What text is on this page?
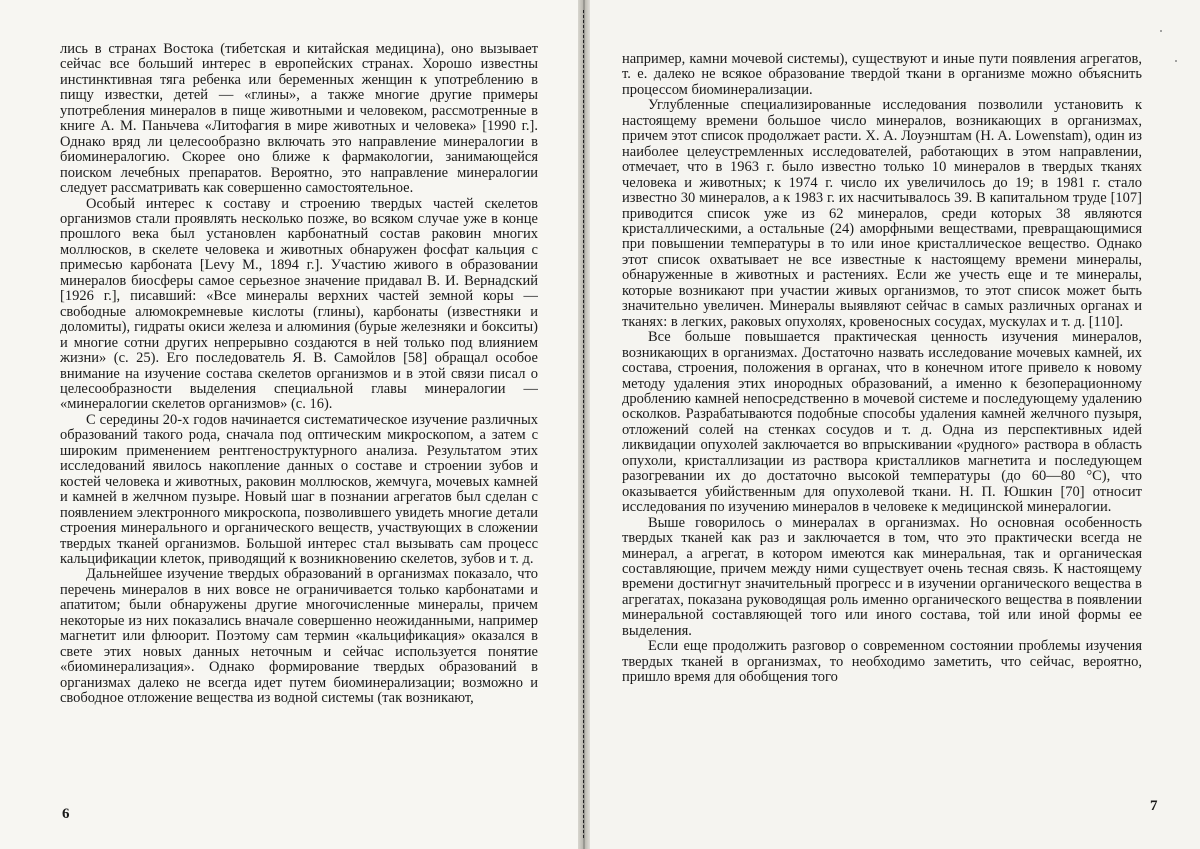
лись в странах Востока (тибетская и китайская медицина), оно вызывает сейчас все больший интерес в европейских странах. Хорошо известны инстинктивная тяга ребенка или беременных женщин к употреблению в пищу известки, детей — «глины», а также многие другие примеры употребления минералов в пище животными и человеком, рассмотренные в книге А. М. Паньчева «Литофагия в мире животных и человека» [1990 г.]. Однако вряд ли целесообразно включать это направление минералогии в биоминералогию. Скорее оно ближе к фармакологии, занимающейся поиском лечебных препаратов. Вероятно, это направление минералогии следует рассматривать как совершенно самостоятельное.

Особый интерес к составу и строению твердых частей скелетов организмов стали проявлять несколько позже, во всяком случае уже в конце прошлого века был установлен карбонатный состав раковин многих моллюсков, в скелете человека и животных обнаружен фосфат кальция с примесью карбоната [Levy M., 1894 г.]. Участию живого в образовании минералов биосферы самое серьезное значение придавал В. И. Вернадский [1926 г.], писавший: «Все минералы верхних частей земной коры — свободные алюмокремневые кислоты (глины), карбонаты (известняки и доломиты), гидраты окиси железа и алюминия (бурые железняки и бокситы) и многие сотни других непрерывно создаются в ней только под влиянием жизни» (с. 25). Его последователь Я. В. Самойлов [58] обращал особое внимание на изучение состава скелетов организмов и в этой связи писал о целесообразности выделения специальной главы минералогии — «минералогии скелетов организмов» (с. 16).

С середины 20-х годов начинается систематическое изучение различных образований такого рода, сначала под оптическим микроскопом, а затем с широким применением рентгеноструктурного анализа. Результатом этих исследований явилось накопление данных о составе и строении зубов и костей человека и животных, раковин моллюсков, жемчуга, мочевых камней и камней в желчном пузыре. Новый шаг в познании агрегатов был сделан с появлением электронного микроскопа, позволившего увидеть многие детали строения минерального и органического веществ, участвующих в сложении твердых тканей организмов. Большой интерес стал вызывать сам процесс кальцификации клеток, приводящий к возникновению скелетов, зубов и т. д.

Дальнейшее изучение твердых образований в организмах показало, что перечень минералов в них вовсе не ограничивается только карбонатами и апатитом; были обнаружены другие многочисленные минералы, причем некоторые из них показались вначале совершенно неожиданными, например магнетит или флюорит. Поэтому сам термин «кальцификация» оказался в свете этих новых данных неточным и сейчас используется понятие «биоминерализация». Однако формирование твердых образований в организмах далеко не всегда идет путем биоминерализации; возможно и свободное отложение вещества из водной системы (так возникают,

6

например, камни мочевой системы), существуют и иные пути появления агрегатов, т. е. далеко не всякое образование твердой ткани в организме можно объяснить процессом биоминерализации.

Углубленные специализированные исследования позволили установить к настоящему времени большое число минералов, возникающих в организмах, причем этот список продолжает расти. Х. А. Лоуэнштам (H. A. Lowenstam), один из наиболее целеустремленных исследователей, работающих в этом направлении, отмечает, что в 1963 г. было известно только 10 минералов в твердых тканях человека и животных; к 1974 г. число их увеличилось до 19; в 1981 г. стало известно 30 минералов, а к 1983 г. их насчитывалось 39. В капитальном труде [107] приводится список уже из 62 минералов, среди которых 38 являются кристаллическими, а остальные (24) аморфными веществами, превращающимися при повышении температуры в то или иное кристаллическое вещество. Однако этот список охватывает не все известные к настоящему времени минералы, обнаруженные в животных и растениях. Если же учесть еще и те минералы, которые возникают при участии живых организмов, то этот список может быть значительно увеличен. Минералы выявляют сейчас в самых различных органах и тканях: в легких, раковых опухолях, кровеносных сосудах, мускулах и т. д. [110].

Все больше повышается практическая ценность изучения минералов, возникающих в организмах. Достаточно назвать исследование мочевых камней, их состава, строения, положения в органах, что в конечном итоге привело к новому методу удаления этих инородных образований, а именно к безоперационному дроблению камней непосредственно в мочевой системе и последующему удалению осколков. Разрабатываются подобные способы удаления камней желчного пузыря, отложений солей на стенках сосудов и т. д. Одна из перспективных идей ликвидации опухолей заключается во впрыскивании «рудного» раствора в область опухоли, кристаллизации из раствора кристалликов магнетита и последующем разогревании их до достаточно высокой температуры (до 60—80 °С), что оказывается убийственным для опухолевой ткани. Н. П. Юшкин [70] относит исследования по изучению минералов в человеке к медицинской минералогии.

Выше говорилось о минералах в организмах. Но основная особенность твердых тканей как раз и заключается в том, что это практически всегда не минерал, а агрегат, в котором имеются как минеральная, так и органическая составляющие, причем между ними существует очень тесная связь. К настоящему времени достигнут значительный прогресс и в изучении органического вещества в агрегатах, показана руководящая роль именно органического вещества в появлении минеральной составляющей того или иного состава, той или иной формы ее выделения.

Если еще продолжить разговор о современном состоянии проблемы изучения твердых тканей в организмах, то необходимо заметить, что сейчас, вероятно, пришло время для обобщения того

7
